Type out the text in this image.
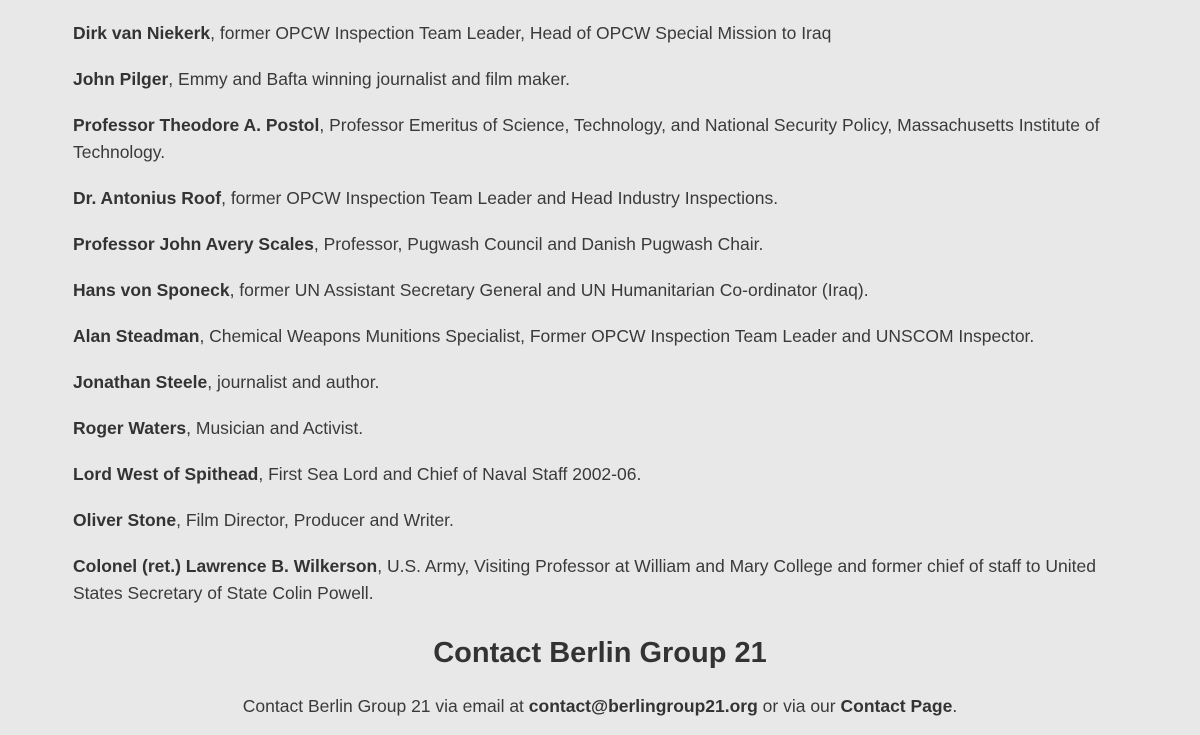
Dirk van Niekerk, former OPCW Inspection Team Leader, Head of OPCW Special Mission to Iraq

John Pilger, Emmy and Bafta winning journalist and film maker.

Professor Theodore A. Postol, Professor Emeritus of Science, Technology, and National Security Policy, Massachusetts Institute of Technology.

Dr. Antonius Roof, former OPCW Inspection Team Leader and Head Industry Inspections.

Professor John Avery Scales, Professor, Pugwash Council and Danish Pugwash Chair.

Hans von Sponeck, former UN Assistant Secretary General and UN Humanitarian Co-ordinator (Iraq).

Alan Steadman, Chemical Weapons Munitions Specialist, Former OPCW Inspection Team Leader and UNSCOM Inspector.

Jonathan Steele, journalist and author.

Roger Waters, Musician and Activist.

Lord West of Spithead, First Sea Lord and Chief of Naval Staff 2002-06.

Oliver Stone, Film Director, Producer and Writer.

Colonel (ret.) Lawrence B. Wilkerson, U.S. Army, Visiting Professor at William and Mary College and former chief of staff to United States Secretary of State Colin Powell.

Contact Berlin Group 21

Contact Berlin Group 21 via email at contact@berlingroup21.org or via our Contact Page.
